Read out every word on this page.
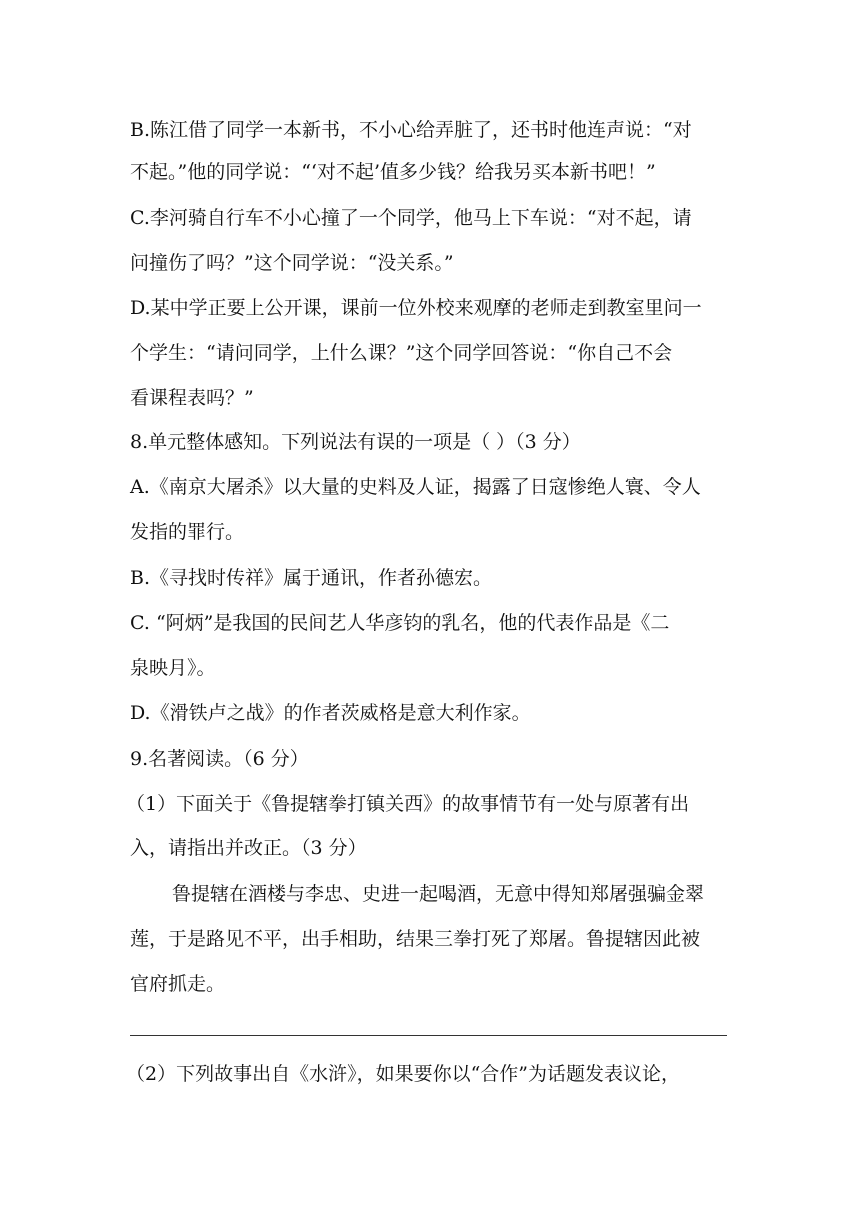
B.陈江借了同学一本新书，不小心给弄脏了，还书时他连声说：“对
不起。”他的同学说：“‘对不起’值多少钱？给我另买本新书吧！”
C.李河骑自行车不小心撞了一个同学，他马上下车说：“对不起，请
问撞伤了吗？”这个同学说：“没关系。”
D.某中学正要上公开课，课前一位外校来观摩的老师走到教室里问一
个学生：“请问同学，上什么课？”这个同学回答说：“你自己不会
看课程表吗？”
8.单元整体感知。下列说法有误的一项是（ ）（3 分）
A.《南京大屠杀》以大量的史料及人证，揭露了日寇惨绝人寰、令人
发指的罪行。
B.《寻找时传祥》属于通讯，作者孙德宏。
C. “阿炳”是我国的民间艺人华彦钧的乳名，他的代表作品是《二
泉映月》。
D.《滑铁卢之战》的作者茨威格是意大利作家。
9.名著阅读。（6 分）
（1）下面关于《鲁提辖拳打镇关西》的故事情节有一处与原著有出
入，请指出并改正。（3 分）
鲁提辖在酒楼与李忠、史进一起喝酒，无意中得知郑屠强骗金翠
莲，于是路见不平，出手相助，结果三拳打死了郑屠。鲁提辖因此被
官府抓走。
（2）下列故事出自《水浒》，如果要你以“合作”为话题发表议论，
